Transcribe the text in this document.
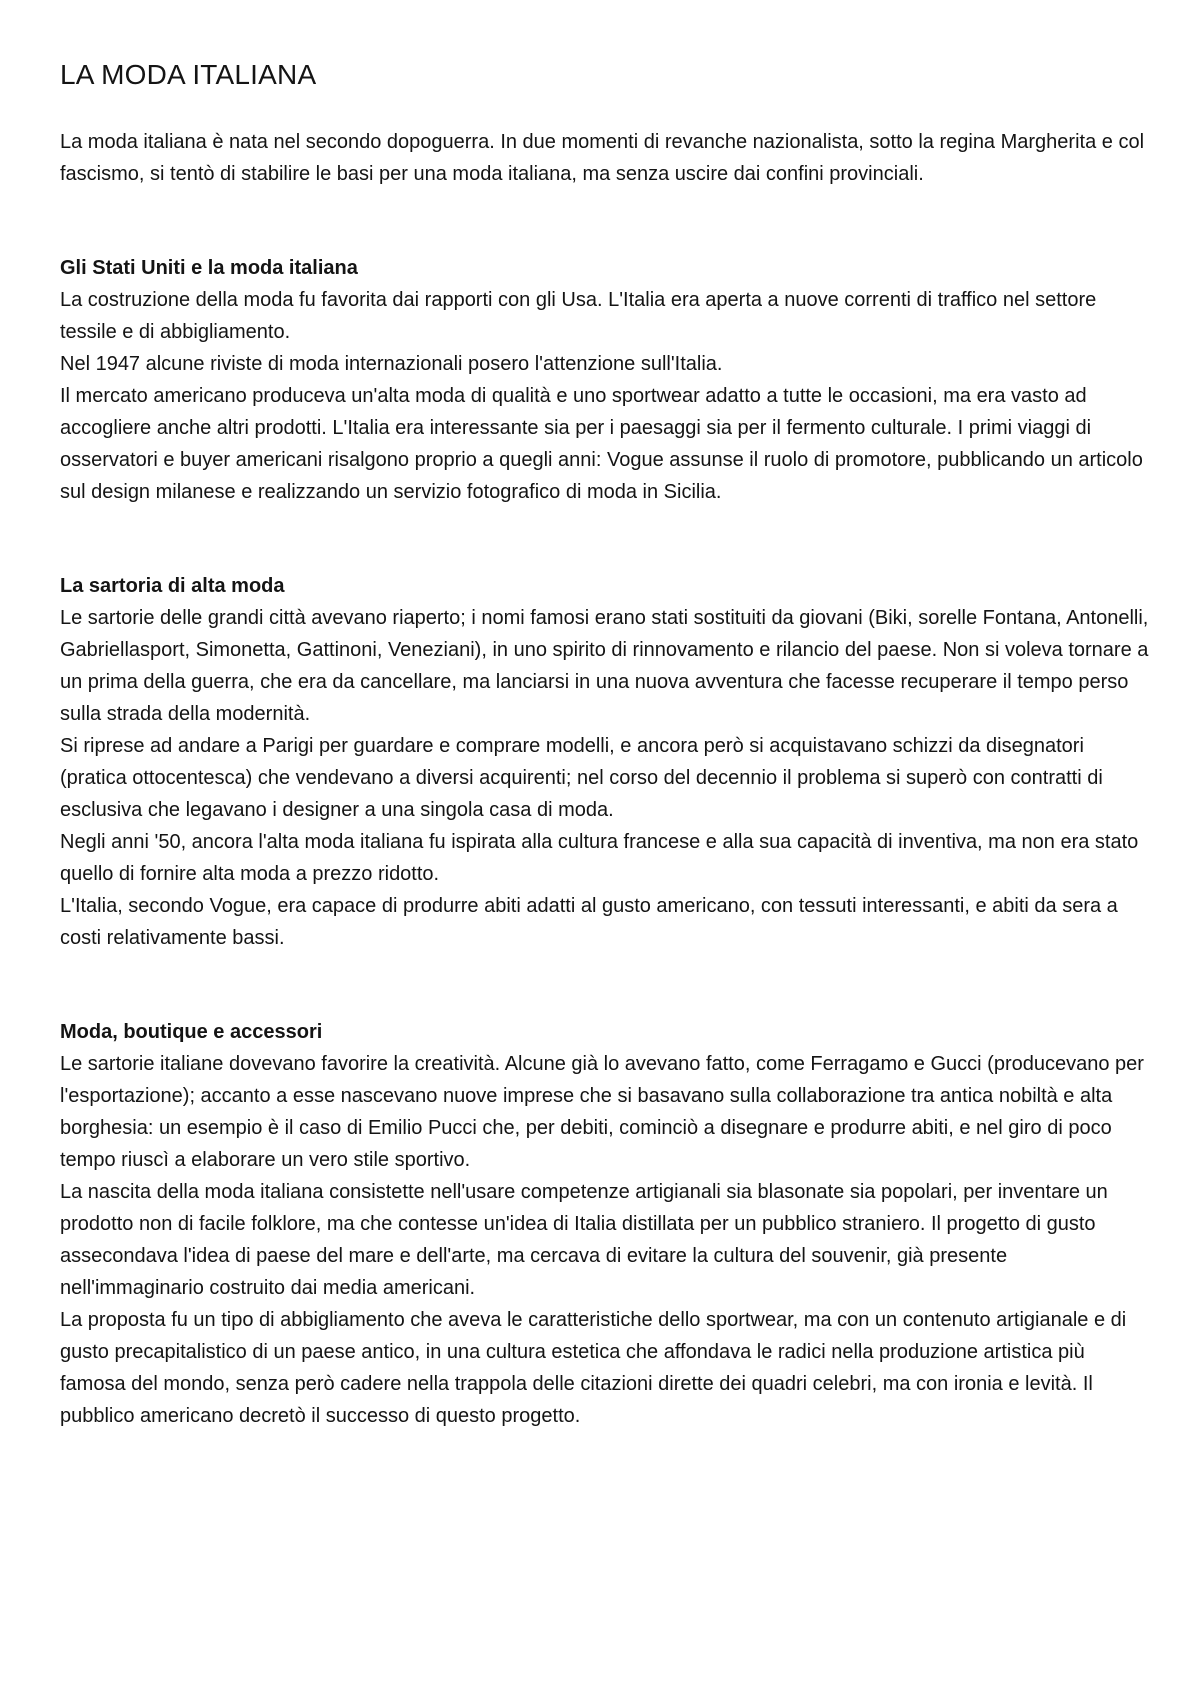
LA MODA ITALIANA

La moda italiana è nata nel secondo dopoguerra. In due momenti di revanche nazionalista, sotto la regina Margherita e col fascismo, si tentò di stabilire le basi per una moda italiana, ma senza uscire dai confini provinciali.

Gli Stati Uniti e la moda italiana

La costruzione della moda fu favorita dai rapporti con gli Usa. L'Italia era aperta a nuove correnti di traffico nel settore tessile e di abbigliamento.

Nel 1947 alcune riviste di moda internazionali posero l'attenzione sull'Italia.

Il mercato americano produceva un'alta moda di qualità e uno sportwear adatto a tutte le occasioni, ma era vasto ad accogliere anche altri prodotti. L'Italia era interessante sia per i paesaggi sia per il fermento culturale. I primi viaggi di osservatori e buyer americani risalgono proprio a quegli anni: Vogue assunse il ruolo di promotore, pubblicando un articolo sul design milanese e realizzando un servizio fotografico di moda in Sicilia.

La sartoria di alta moda

Le sartorie delle grandi città avevano riaperto; i nomi famosi erano stati sostituiti da giovani (Biki, sorelle Fontana, Antonelli, Gabriellasport, Simonetta, Gattinoni, Veneziani), in uno spirito di rinnovamento e rilancio del paese. Non si voleva tornare a un prima della guerra, che era da cancellare, ma lanciarsi in una nuova avventura che facesse recuperare il tempo perso sulla strada della modernità.

Si riprese ad andare a Parigi per guardare e comprare modelli, e ancora però si acquistavano schizzi da disegnatori (pratica ottocentesca) che vendevano a diversi acquirenti; nel corso del decennio il problema si superò con contratti di esclusiva che legavano i designer a una singola casa di moda.

Negli anni '50, ancora l'alta moda italiana fu ispirata alla cultura francese e alla sua capacità di inventiva, ma non era stato quello di fornire alta moda a prezzo ridotto.

L'Italia, secondo Vogue, era capace di produrre abiti adatti al gusto americano, con tessuti interessanti, e abiti da sera a costi relativamente bassi.

Moda, boutique e accessori

Le sartorie italiane dovevano favorire la creatività. Alcune già lo avevano fatto, come Ferragamo e Gucci (producevano per l'esportazione); accanto a esse nascevano nuove imprese che si basavano sulla collaborazione tra antica nobiltà e alta borghesia: un esempio è il caso di Emilio Pucci che, per debiti, cominciò a disegnare e produrre abiti, e nel giro di poco tempo riuscì a elaborare un vero stile sportivo.

La nascita della moda italiana consistette nell'usare competenze artigianali sia blasonate sia popolari, per inventare un prodotto non di facile folklore, ma che contesse un'idea di Italia distillata per un pubblico straniero. Il progetto di gusto assecondava l'idea di paese del mare e dell'arte, ma cercava di evitare la cultura del souvenir, già presente nell'immaginario costruito dai media americani.

La proposta fu un tipo di abbigliamento che aveva le caratteristiche dello sportwear, ma con un contenuto artigianale e di gusto precapitalistico di un paese antico, in una cultura estetica che affondava le radici nella produzione artistica più famosa del mondo, senza però cadere nella trappola delle citazioni dirette dei quadri celebri, ma con ironia e levità. Il pubblico americano decretò il successo di questo progetto.
